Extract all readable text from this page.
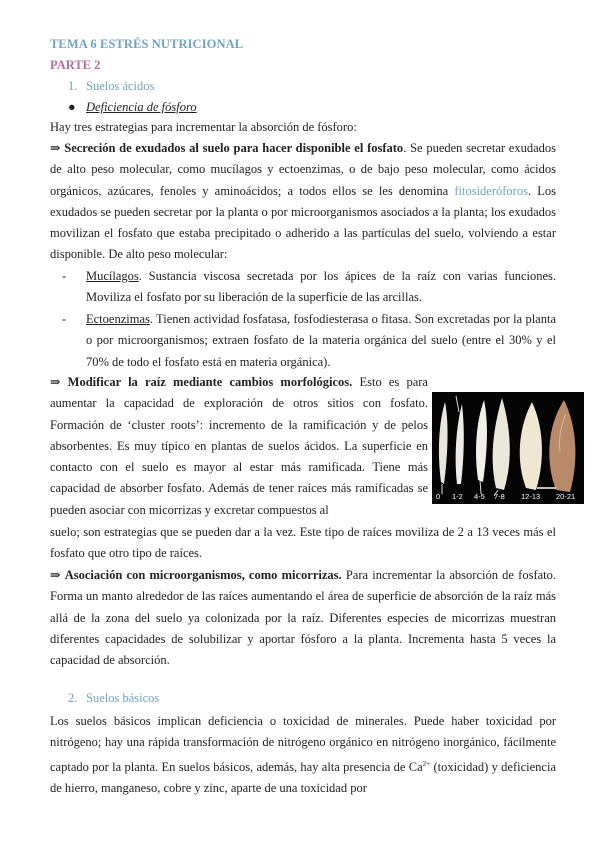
TEMA 6 ESTRÉS NUTRICIONAL
PARTE 2
1. Suelos ácidos
● Deficiencia de fósforo

Hay tres estrategias para incrementar la absorción de fósforo:

⇒ Secreción de exudados al suelo para hacer disponible el fosfato. Se pueden secretar exudados de alto peso molecular, como mucílagos y ectoenzimas, o de bajo peso molecular, como ácidos orgánicos, azúcares, fenoles y aminoácidos; a todos ellos se les denomina fitosideróforos. Los exudados se pueden secretar por la planta o por microorganismos asociados a la planta; los exudados movilizan el fosfato que estaba precipitado o adherido a las partículas del suelo, volviendo a estar disponible. De alto peso molecular:

- Mucílagos. Sustancia viscosa secretada por los ápices de la raíz con varias funciones. Moviliza el fosfato por su liberación de la superficie de las arcillas.
- Ectoenzimas. Tienen actividad fosfatasa, fosfodiesterasa o fitasa. Son excretadas por la planta o por microorganismos; extraen fosfato de la materia orgánica del suelo (entre el 30% y el 70% de todo el fosfato está en materia orgánica).

⇒ Modificar la raíz mediante cambios morfológicos. Esto es para aumentar la capacidad de exploración de otros sitios con fosfato. Formación de ‘cluster roots’: incremento de la ramificación y de pelos absorbentes. Es muy típico en plantas de suelos ácidos. La superficie en contacto con el suelo es mayor al estar más ramificada. Tiene más capacidad de absorber fosfato. Además de tener raíces más ramificadas se pueden asociar con micorrizas y excretar compuestos al

suelo; son estrategias que se pueden dar a la vez. Este tipo de raíces moviliza de 2 a 13 veces más el fosfato que otro tipo de raíces.

0 1-2 4-5 7-8 12-13 20-21

⇒ Asociación con microorganismos, como micorrizas. Para incrementar la absorción de fosfato. Forma un manto alrededor de las raíces aumentando el área de superficie de absorción de la raíz más allá de la zona del suelo ya colonizada por la raíz. Diferentes especies de micorrizas muestran diferentes capacidades de solubilizar y aportar fósforo a la planta. Incrementa hasta 5 veces la capacidad de absorción.

2. Suelos básicos

Los suelos básicos implican deficiencia o toxicidad de minerales. Puede haber toxicidad por nitrógeno; hay una rápida transformación de nitrógeno orgánico en nitrógeno inorgánico, fácilmente captado por la planta. En suelos básicos, además, hay alta presencia de $Ca^{2+}$ (toxicidad) y deficiencia de hierro, manganeso, cobre y zinc, aparte de una toxicidad por
